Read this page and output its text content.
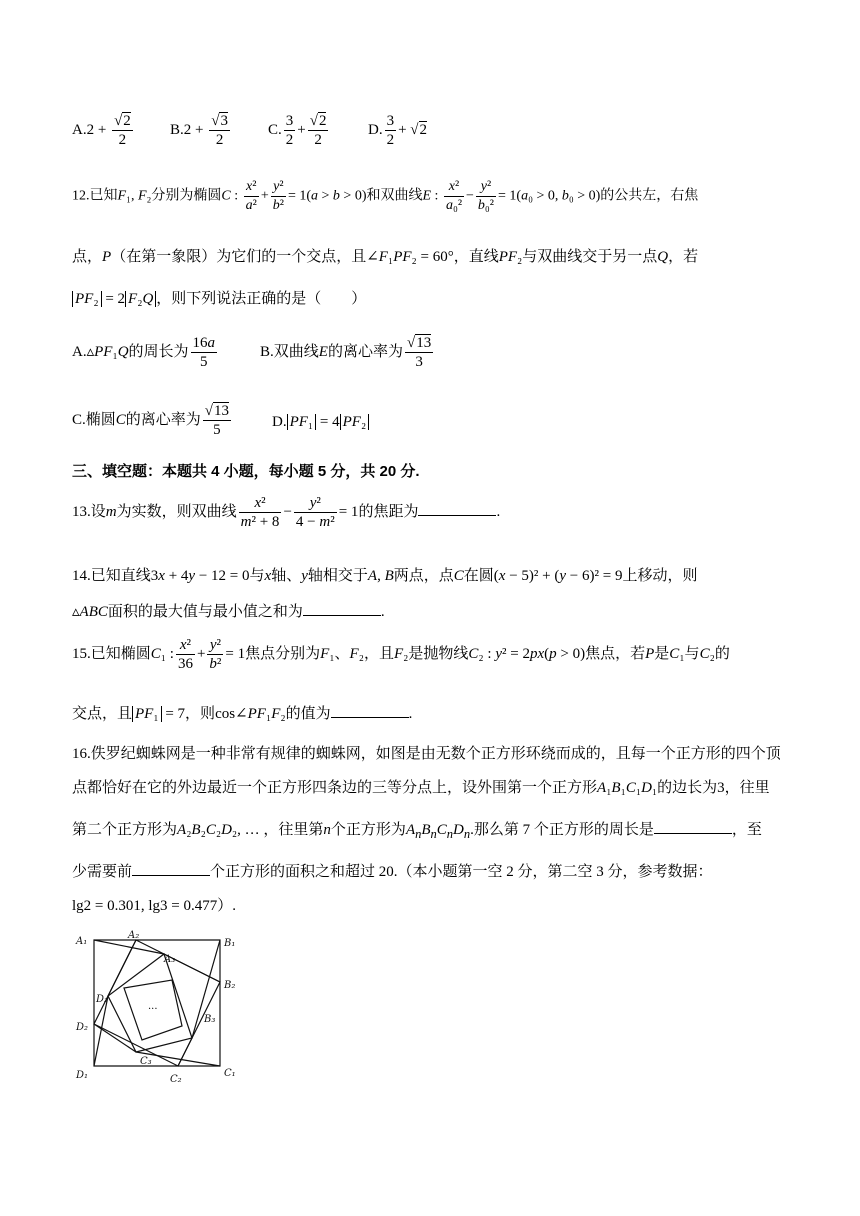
$A.2 + \frac{√2}{2} B.2 + \frac{√3}{2}$	C. $\frac{3}{2} + \frac{√2}{2}$	D. $\frac{3}{2} + √2$
12.已知F₁, F₂分别为椭圆C : $\frac{\text{x²}}{\text{a²}} + \frac{\text{y²}}{\text{b²}} = 1(a > b > 0)$和双曲线E : $\frac{\text{x²}}{\text{a₀²}} - \frac{\text{y²}}{\text{b₀²}} = 1(a_0 > 0$, b₀ > 0)的公共左，右焦
点，P（在第一象限）为它们的一个交点，且∠F₁PF₂ = 60°，直线PF₂与双曲线交于另一点Q，若
PF₂ = 2 F₂Q ，则下列说法正确的是（　　）
A.▵PF₁Q的周长为 $\frac{16a}{5}$	B.双曲线E的离心率为 $\frac{√13}{3}$
C.椭圆C的离心率为 $\frac{√13}{5}$	D. PF₁ = 4 PF₂
三、填空题：本题共 4 小题，每小题 5 分，共 20 分.
13.设m为实数，则双曲线 $\frac{\text{x²}}{\text{m² + 8}} - \frac{\text{y²}}{\text{4 − m²}} = 1$的焦距为	.
14.已知直线3x + 4y − 12 = 0与x轴、y轴相交于A, B两点，点C在圆(x − 5)² + (y − 6)² = 9上移动，则
▵ABC面积的最大值与最小值之和为	.
15.已知椭圆C₁ : $\frac{\text{x²}}{36} + \frac{\text{y²}}{\text{b²}} = 1$焦点分别为F₁、F₂，且F₂是抛物线C₂ : y² = 2px(p > 0)焦点，若P是C₁与C₂的
交点，且 PF₁ = 7，则cos∠PF₁F₂的值为	.
16.佚罗纪蜘蛛网是一种非常有规律的蜘蛛网，如图是由无数个正方形环绕而成的，且每一个正方形的四个顶
点都恰好在它的外边最近一个正方形四条边的三等分点上，设外围第一个正方形A₁B₁C₁D₁的边长为3，往里
第二个正方形为A₂B₂C₂D₂, … ，往里第n个正方形为$A_nB_nC_nD_n$.那么第 7 个正方形的周长是	，至
少需要前	个正方形的面积之和超过 20.（本小题第一空 2 分，第二空 3 分，参考数据：
lg2 = 0.301, lg3 = 0.477）.
A₁
A₂
A₃
B₁
B₂
B₃
D₃
D₂
D₁
C₃
C₂
C₁
···
